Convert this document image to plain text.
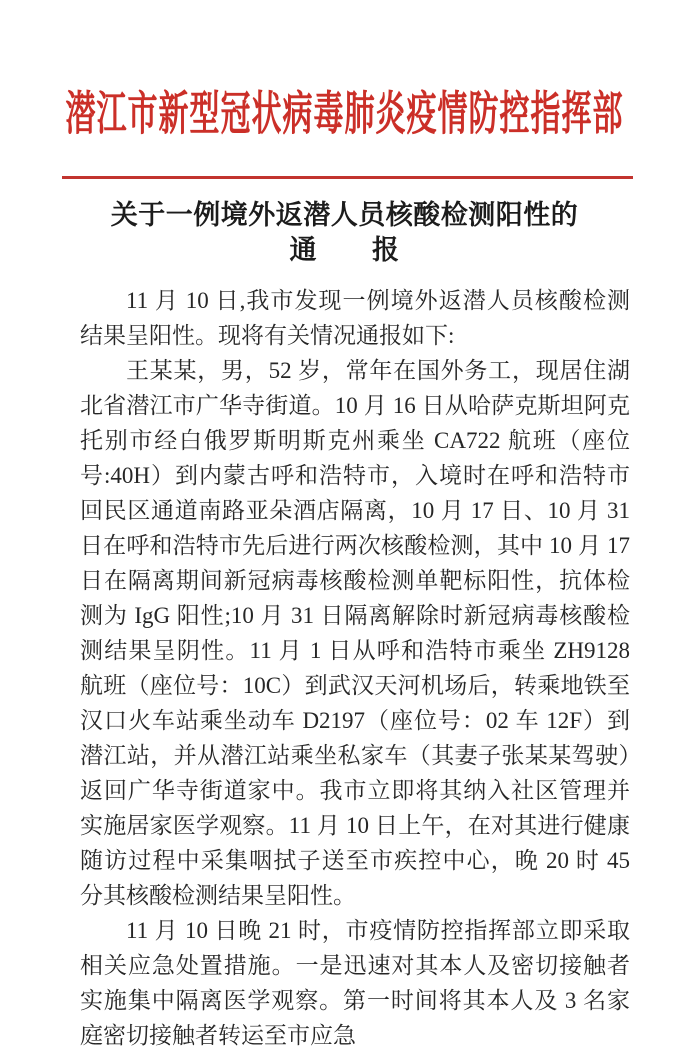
潜江市新型冠状病毒肺炎疫情防控指挥部
关于一例境外返潜人员核酸检测阳性的
通　　报

11 月 10 日,我市发现一例境外返潜人员核酸检测结果呈阳性。现将有关情况通报如下:

王某某，男，52 岁，常年在国外务工，现居住湖北省潜江市广华寺街道。10 月 16 日从哈萨克斯坦阿克托别市经白俄罗斯明斯克州乘坐 CA722 航班（座位号:40H）到内蒙古呼和浩特市，入境时在呼和浩特市回民区通道南路亚朵酒店隔离，10 月 17 日、10 月 31 日在呼和浩特市先后进行两次核酸检测，其中 10 月 17 日在隔离期间新冠病毒核酸检测单靶标阳性，抗体检测为 IgG 阳性;10 月 31 日隔离解除时新冠病毒核酸检测结果呈阴性。11 月 1 日从呼和浩特市乘坐 ZH9128 航班（座位号：10C）到武汉天河机场后，转乘地铁至汉口火车站乘坐动车 D2197（座位号：02 车 12F）到潜江站，并从潜江站乘坐私家车（其妻子张某某驾驶）返回广华寺街道家中。我市立即将其纳入社区管理并实施居家医学观察。11 月 10 日上午，在对其进行健康随访过程中采集咽拭子送至市疾控中心，晚 20 时 45 分其核酸检测结果呈阳性。

11 月 10 日晚 21 时，市疫情防控指挥部立即采取相关应急处置措施。一是迅速对其本人及密切接触者实施集中隔离医学观察。第一时间将其本人及 3 名家庭密切接触者转运至市应急
